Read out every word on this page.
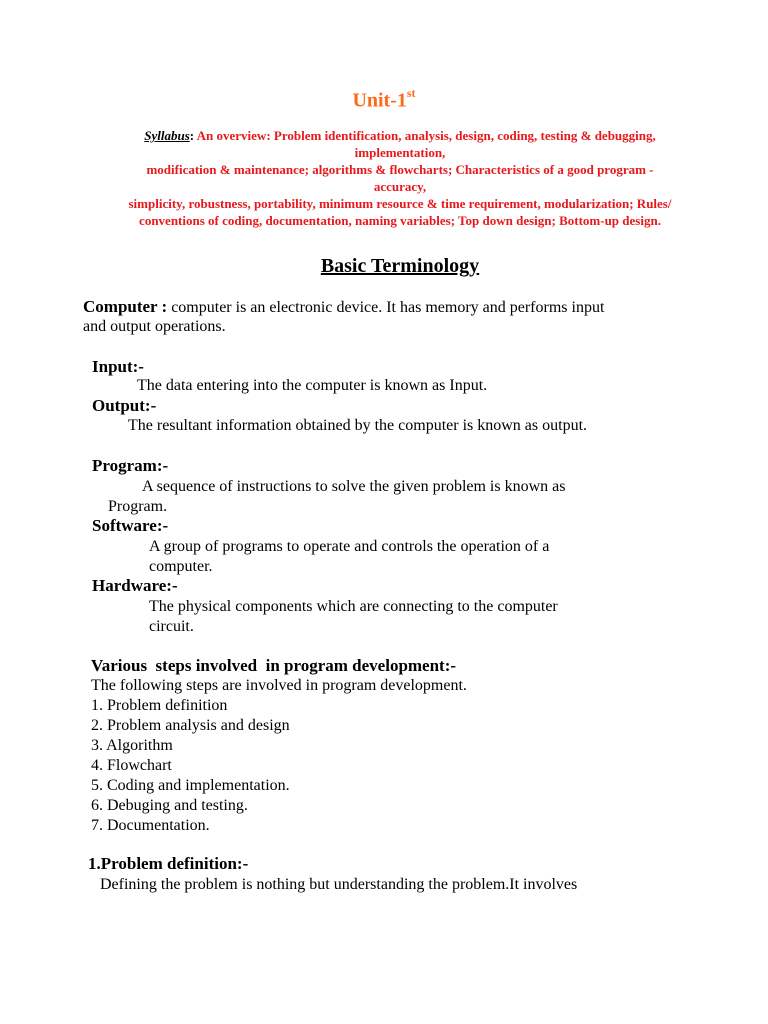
Unit-1st
Syllabus: An overview: Problem identification, analysis, design, coding, testing & debugging,
implementation,
modification & maintenance; algorithms & flowcharts; Characteristics of a good program -
accuracy,
simplicity, robustness, portability, minimum resource & time requirement, modularization; Rules/
conventions of coding, documentation, naming variables; Top down design; Bottom-up design.
Basic Terminology
Computer : computer is an electronic device. It has memory and performs input
and output operations.
Input:-
The data entering into the computer is known as Input.
Output:-
The resultant information obtained by the computer is known as output.
Program:-
A sequence of instructions to solve the given problem is known as
Program.
Software:-
A group of programs to operate and controls the operation of a
computer.
Hardware:-
The physical components which are connecting to the computer
circuit.
Various  steps involved  in program development:-
The following steps are involved in program development.
1. Problem definition
2. Problem analysis and design
3. Algorithm
4. Flowchart
5. Coding and implementation.
6. Debuging and testing.
7. Documentation.
1.Problem definition:-
Defining the problem is nothing but understanding the problem.It involves
